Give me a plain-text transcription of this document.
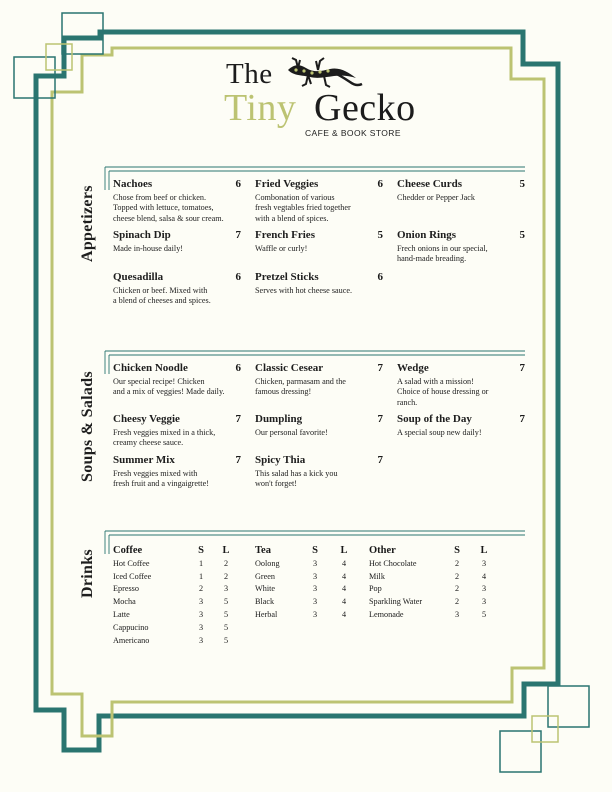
The
Tiny Gecko
CAFE & BOOK STORE
Appetizers
Soups & Salads
Drinks
Nachoes	6
Chose from beef or chicken.
Topped with lettuce, tomatoes,
cheese blend, salsa & sour cream.
Fried Veggies	6
Combonation of various
fresh vegtables fried together
with a blend of spices.
Cheese Curds	5
Chedder or Pepper Jack
Spinach Dip	7
Made in-house daily!
French Fries	5
Waffle or curly!
Onion Rings	5
Frech onions in our special,
hand-made breading.
Quesadilla	6
Chicken or beef. Mixed with
a blend of cheeses and spices.
Pretzel Sticks	6
Serves with hot cheese sauce.
Chicken Noodle	6
Our special recipe! Chicken
and a mix of veggies! Made daily.
Classic Cesear	7
Chicken, parmasam and the
famous dressing!
Wedge	7
A salad with a mission!
Choice of house dressing or
ranch.
Cheesy Veggie	7
Fresh veggies mixed in a thick,
creamy cheese sauce.
Dumpling	7
Our personal favorite!
Soup of the Day	7
A special soup new daily!
Summer Mix	7
Fresh veggies mixed with
fresh fruit and a vingaigrette!
Spicy Thia	7
This salad has a kick you
won't forget!
Coffee	S	L
Hot Coffee	1	2
Iced Coffee	1	2
Epresso	2	3
Mocha	3	5
Latte	3	5
Cappucino	3	5
Americano	3	5
Tea	S	L
Oolong	3	4
Green	3	4
White	3	4
Black	3	4
Herbal	3	4
Other	S	L
Hot Chocolate	2	3
Milk	2	4
Pop	2	3
Sparkling Water	2	3
Lemonade	3	5
